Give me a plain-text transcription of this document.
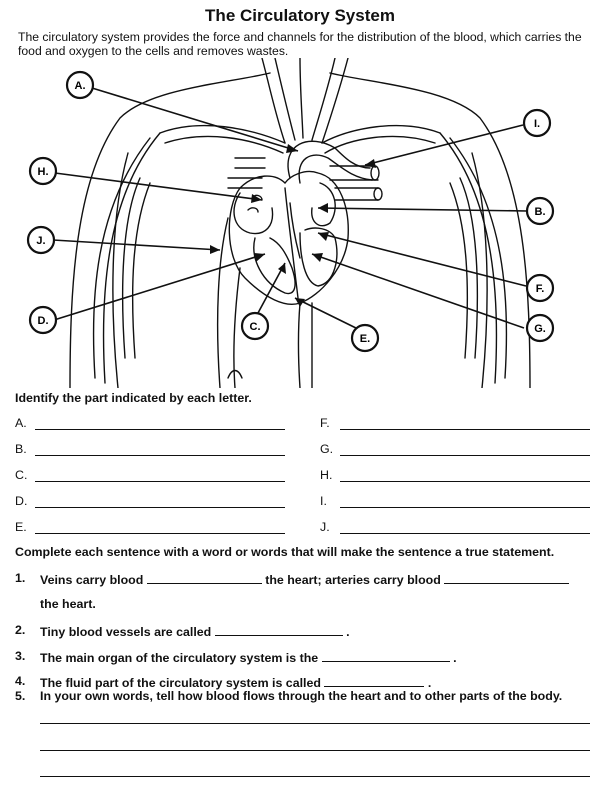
The Circulatory System
The circulatory system provides the force and channels for the distribution of the blood, which carries the food and oxygen to the cells and removes wastes.
A.
I.
H.
B.
J.
F.
D.	C.
E.
G.
Identify the part indicated by each letter.
A.	F.
B.	G.
C.	H.
D.	I.
E.	J.
Complete each sentence with a word or words that will make the sentence a true statement.
1. Veins carry blood	the heart; arteries carry blood
the heart.
2. Tiny blood vessels are called	.
3. The main organ of the circulatory system is the	.
4. The fluid part of the circulatory system is called	.
5. In your own words, tell how blood flows through the heart and to other parts of the body.
